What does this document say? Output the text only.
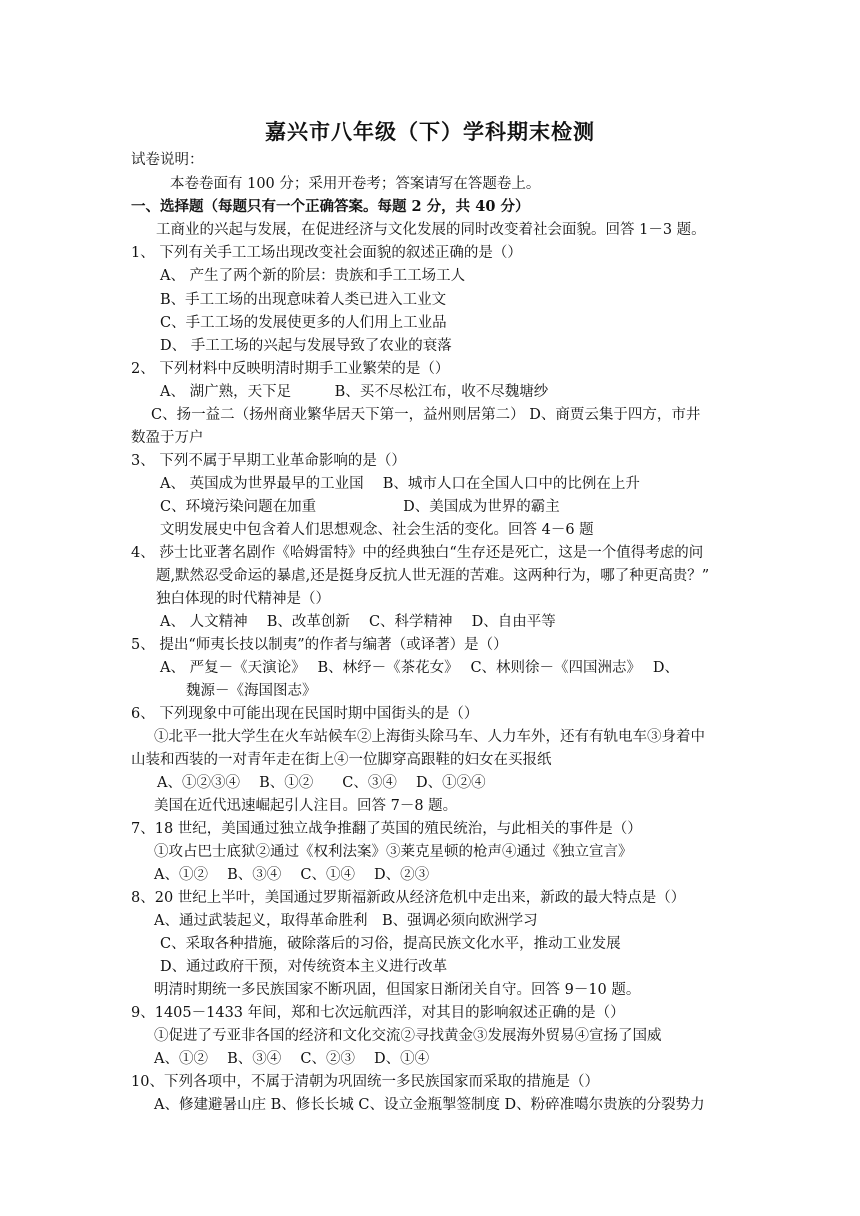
嘉兴市八年级（下）学科期末检测
试卷说明：
本卷卷面有 100 分；采用开卷考；答案请写在答题卷上。
一、选择题（每题只有一个正确答案。每题 2 分，共 40 分）
工商业的兴起与发展，在促进经济与文化发展的同时改变着社会面貌。回答 1－3 题。
1、 下列有关手工工场出现改变社会面貌的叙述正确的是（）
A、 产生了两个新的阶层：贵族和手工工场工人
B、手工工场的出现意味着人类已进入工业文
C、手工工场的发展使更多的人们用上工业品
D、 手工工场的兴起与发展导致了农业的衰落
2、 下列材料中反映明清时期手工业繁荣的是（）
A、 湖广熟，天下足　　　B、买不尽松江布，收不尽魏塘纱
C、扬一益二（扬州商业繁华居天下第一，益州则居第二） D、商贾云集于四方，市井
数盈于万户
3、 下列不属于早期工业革命影响的是（）
A、 英国成为世界最早的工业国　 B、城市人口在全国人口中的比例在上升
C、环境污染问题在加重　　　　　　D、美国成为世界的霸主
文明发展史中包含着人们思想观念、社会生活的变化。回答 4－6 题
4、 莎士比亚著名剧作《哈姆雷特》中的经典独白“生存还是死亡，这是一个值得考虑的问
题,默然忍受命运的暴虐,还是挺身反抗人世无涯的苦难。这两种行为，哪了种更高贵？”
独白体现的时代精神是（）
A、 人文精神　 B、改革创新　 C、科学精神　 D、自由平等
5、 提出“师夷长技以制夷”的作者与编著（或译著）是（）
A、 严复－《天演论》　 B、林纾－《茶花女》　 C、林则徐－《四国洲志》　 D、
魏源－《海国图志》
6、 下列现象中可能出现在民国时期中国街头的是（）
①北平一批大学生在火车站候车②上海街头除马车、人力车外，还有有轨电车③身着中
山装和西装的一对青年走在街上④一位脚穿高跟鞋的妇女在买报纸
A、①②③④　 B、①②　　C、③④　 D、①②④
美国在近代迅速崛起引人注目。回答 7－8 题。
7、18 世纪，美国通过独立战争推翻了英国的殖民统治，与此相关的事件是（）
①攻占巴士底狱②通过《权利法案》③莱克星顿的枪声④通过《独立宣言》
A、①②　 B、③④　 C、①④　 D、②③
8、20 世纪上半叶，美国通过罗斯福新政从经济危机中走出来，新政的最大特点是（）
A、通过武装起义，取得革命胜利　B、强调必须向欧洲学习
C、采取各种措施，破除落后的习俗，提高民族文化水平，推动工业发展
D、通过政府干预，对传统资本主义进行改革
明清时期统一多民族国家不断巩固，但国家日渐闭关自守。回答 9－10 题。
9、1405－1433 年间，郑和七次远航西洋，对其目的影响叙述正确的是（）
①促进了亐亚非各国的经济和文化交流②寻找黄金③发展海外贸易④宣扬了国威
A、①②　 B、③④　 C、②③　 D、①④
10、下列各项中，不属于清朝为巩固统一多民族国家而采取的措施是（）
A、修建避暑山庄 B、修长长城 C、设立金瓶掣签制度 D、粉碎准噶尔贵族的分裂势力
